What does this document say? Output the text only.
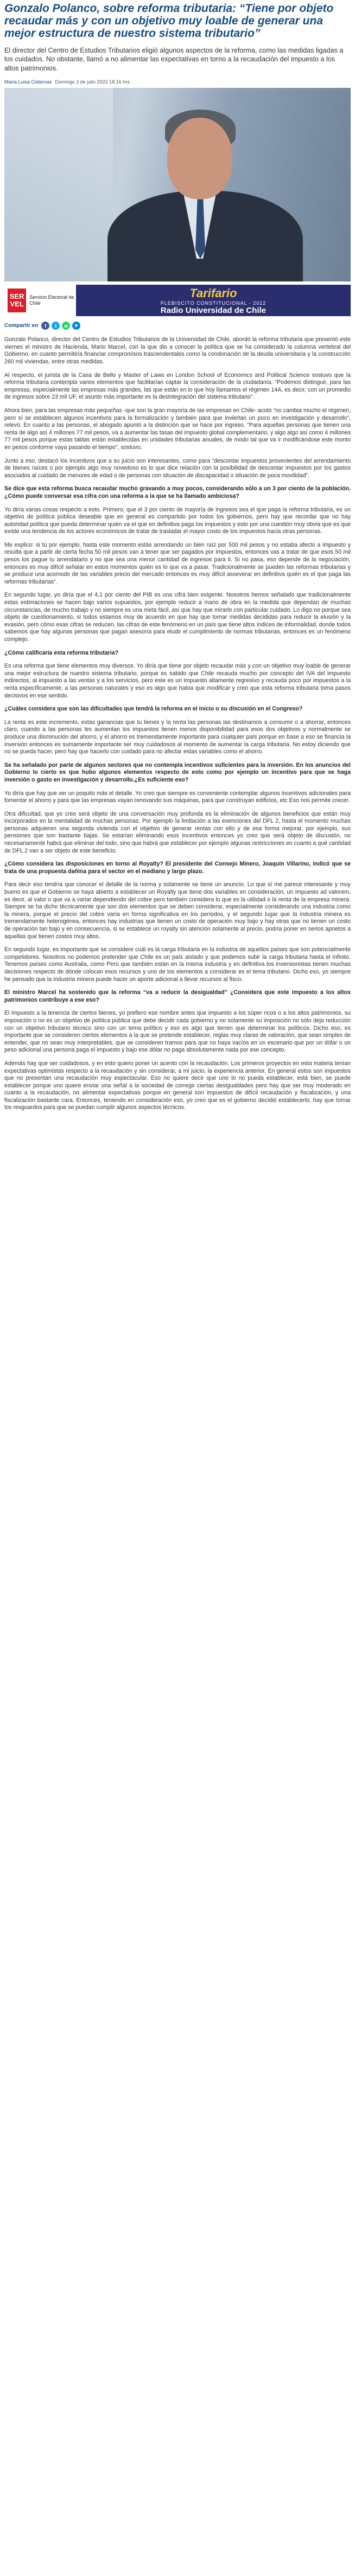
Gonzalo Polanco, sobre reforma tributaria: “Tiene por objeto recaudar más y con un objetivo muy loable de generar una mejor estructura de nuestro sistema tributario”

El director del Centro de Estudios Tributarios eligió algunos aspectos de la reforma, como las medidas ligadas a los cuidados. No obstante, llamó a no alimentar las expectativas en torno a la recaudación del impuesto a los altos patrimonios.

María Luisa Cisternas Domingo 3 de julio 2022 18:16 hrs.
SER VEL
Servicio Electoral de Chile
Tarifario
PLEBISCITO CONSTITUCIONAL - 2022
Radio Universidad de Chile
Compartir en	f	t	w	➤

Gonzalo Polanco, director del Centro de Estudios Tributarios de la Universidad de Chile, abordó la reforma tributaria que presentó este viernes el ministro de Hacienda, Mario Marcel, con la que dio a conocer la política que se ha considerado la columna vertebral del Gobierno, en cuanto permitiría financiar compromisos trascendentales como la condonación de la deuda universitaria y la construcción 260 mil viviendas, entre otras medidas.

Al respecto, el jurista de la Casa de Bello y Master of Laws en London School of Economics and Political Science sostuvo que la reforma tributaria contempla varios elementos que facilitarían captar la consideración de la ciudadanía. “Podemos distinguir, para las empresas, especialmente las empresas más grandes, las que están en lo que hoy llamamos el régimen 14A, es decir, con un promedio de ingresos sobre 23 mil UF, el asunto más importante es la desintegración del sistema tributario”.

Ahora bien, para las empresas más pequeñas -que son la gran mayoría de las empresas en Chile- acotó “no cambia mucho el régimen, pero sí se establecen algunos incentivos para la formalización y también para que inviertan un poco en investigación y desarrollo”, relevó. En cuanto a las personas, el abogado apuntó a la distinción que se hace por ingreso. “Para aquellas personas que tienen una renta de algo así 4 millones 77 mil pesos, va a aumentar las tasas del impuesto global complementario, y algo algo así como 4 millones 77 mil pesos porque estas tablas están establecidas en unidades tributarias anuales, de modo tal que va ir modificándose este monto en pesos conforme vaya pasando el tiempo”, sostuvo.

Junto a eso, destacó los incentivos que a su juicio son interesantes, como para “descontar impuestos provenientes del arrendamiento de bienes raíces o por ejemplo algo muy novedoso es lo que dice relación con la posibilidad de descontar impuestos por los gastos asociados al cuidado de menores de edad o de personas con situación de discapacidad o situación de poca movilidad”.

Se dice que esta reforma busca recaudar mucho gravando a muy pocos, considerando sólo a un 3 por ciento de la población.¿Cómo puede conversar esa cifra con una reforma a la que se ha llamado ambiciosa?

Yo diría varias cosas respecto a esto. Primero, que el 3 por ciento de mayoría de ingresos sea el que paga la reforma tributaria, es un objetivo de política pública deseable que en general es compartido por todos los gobiernos, pero hay que recordar que no hay autoridad política que pueda determinar quién va el que en definitiva paga los impuestos y esto por una cuestión muy obvia que es que existe una tendencia de los actores económicos de tratar de trasladar el mayor costo de los impuestos hacia otras personas.

Me explico: si tú por ejemplo, hasta este momento estás arrendando un bien raíz por 500 mil pesos y no estaba afecto a impuesto y resulta que a partir de cierta fecha 50 mil pesos van a tener que ser pagados por impuestos, entonces vas a tratar de que esos 50 mil pesos los pague tu arrendatario y no que sea una menor cantidad de ingresos para ti. Si no pasa, eso depende de la negociación, entonces es muy difícil señalar en estos momentos quién es lo que va a pasar. Tradicionalmente se pueden las reformas tributarias y se produce una acomodo de las variables precio del mercado entonces es muy difícil asseverar en definitiva quién es el que paga las reformas tributarias”.

En segundo lugar, yo diría que el 4,1 por ciento del PIB es una cifra bien exigente. Nosotros hemos señalado que tradicionalmente estas estimaciones se hacen bajo varios supuestos, por ejemplo reducir a mano de obra en la medida que dependan de muchas circunstancias, de mucho trabajo y no siempre es una meta fácil, así que hay que mirarlo con particular cuidado. Lo digo no porque sea objeto de cuestionamiento, si todos estamos muy de acuerdo en que hay que tomar medidas decididas para reducir la elusión y la evasión, pero cómo esas cifras se reducen, las cifras de este fenómeno en un país que tiene altos índices de informalidad, donde todos sabemos que hay algunas personas que pagan asesoría para eludir el cumplimiento de normas tributarias, entonces es un fenómeno complejo.

¿Cómo calificaría esta reforma tributaria?

Es una reforma que tiene elementos muy diversos. Yo diría que tiene por objeto recaudar más y con un objetivo muy loable de generar una mejor estructura de nuestro sistema tributario, porque es sabido que Chile recauda mucho por concepto del IVA del impuesto indirectos, al impuesto a las ventas y a los servicios, pero este es un impuesto altamente regresivo y recauda poco por impuestos a la renta específicamente, a las personas naturales y eso es algo que había que modificar y creo que esta reforma tributaria toma pasos decisivos en ese sentido.

¿Cuáles considera que son las dificultades que tendrá la reforma en el inicio o su discusión en el Congreso?

La renta es este incremento, estas ganancias que tu tienes y la renta las personas las destinamos a consumir o a ahorrar, entonces claro, cuando a las personas les aumentan los impuestos tienen menos disponibilidad para esos dos objetivos y normalmente se produce una disminución del ahorro, y el ahorro es tremendamente importante para cualquier país porque en base a eso se financia la inversión entonces es sumamente importante ser muy cuidadosos al momento de aumentar la carga tributaria. No estoy diciendo que no se pueda hacer, pero hay que hacerlo con cuidado para no afectar estas variables como el ahorro.

Se ha señalado por parte de algunos sectores que no contempla incentivos suficientes para la inversión. En los anuncios del Gobierno lo cierto es que hubo algunos elementos respecto de esto como por ejemplo un incentivo para que se haga inversión o gasto en investigación y desarrollo.¿Es suficiente eso?

Yo diría que hay que ver un poquito más el detalle. Yo creo que siempre es conveniente contemplar algunos incentivos adicionales para fomentar el ahorro y para que las empresas vayan renovando sus máquinas, para que construyan edificios, etc Eso nos permite crecer.

Otra dificultad, que yo creo será objeto de una conversación muy profunda es la eliminación de algunos beneficios que están muy incorporados en la mentalidad de muchas personas. Por ejemplo la limitación a las exenciones del DFL 2, hasta el momento muchas personas adquieren una segunda vivienda con el objetivo de generar rentas con ello y de esa forma mejorar, por ejemplo, sus pensiones que son bastante bajas. Se estarían eliminando esos incentivos entonces yo creo que será objeto de discusión, no necesariamente habrá que eliminar del todo, sino que habrá que establecer por ejemplo algunas restricciones en cuanto a qué cantidad de DFL 2 van a ser objeto de este beneficio.

¿Cómo considera las disposiciones en torno al Royalty? El presidente del Consejo Minero, Joaquín Villarino, indicó que se trata de una propuesta dañina para el sector en el mediano y largo plazo.

Para decir eso tendría que conocer el detalle de la norma y solamente se tiene un anuncio. Lo que sí me parece interesante y muy bueno es que el Gobierno se haya abierto a establecer un Royalty que tiene dos variables en consideración, un impuesto ad valorem, es decir, al valor o que va a variar dependiendo del cobre pero también considera lo que es la utilidad o la renta de la empresa minera. Siempre se ha dicho técnicamente que son dos elementos que se deben considerar, especialmente considerando una industria como la minera, porque el precio del cobre varía en forma significativa en los períodos, y el segundo lugar que la industria minera es tremendamente heterogénea, entonces hay industrias que tienen un costo de operación muy bajo y hay otras que no tienen un costo de operación tan bajo y en consecuencia, si se establece un royalty sin atención solamente al precio, podría poner en serios aprietos a aquellas que tienen costos muy altos.

En segundo lugar, es importante que se considere cuál es la carga tributaria en la industria de aquellos países que son potencialmente competidores. Nosotros no podemos pretender que Chile es un país aislado y que podemos subir la carga tributaria hasta el infinito. Tenemos países como Australia, como Perú que también están en la misma industria y en definitiva los inversionistas tienen muchas decisiones respecto de dónde colocan esos recursos y uno de los elementos a considerar es el tema tributario. Dicho eso, yo siempre he pensado que la industria minera puede hacer un aporte adicional a llevar recursos al fisco.

El ministro Marcel ha sostenido que la reforma “va a reducir la desigualdad” ¿Considera que este impuesto a los altos patrimonios contribuye a ese eso?

El impuesto a la tenencia de ciertos bienes, yo prefiero ese nombre antes que impuesto a los súper ricos o a los altos patrimonios, su imposición o no es un objetivo de política pública que debe decidir cada gobierno y no solamente su imposición no sólo deja reducción con un objetivo tributario técnico sino con un tema político y eso es algo que tienen que determinar los políticos. Dicho eso, es importante que se consideren ciertos elementos a la que se pretende establecer, reglas muy claras de valoración, que sean simples de entender, que no sean muy interpretables, que se consideren tramos para que no haya vacíos en un escenario que por un dólar o un peso adicional una persona paga el impuesto y bajo ese dólar no paga absolutamente nada por ese concepto.

Además hay que ser cuidadosos, y en esto quiero poner un acento con la recaudación. Los primeros proyectos en esta materia tenían expectativas optimistas respecto a la recaudación y sin considerar, a mi juicio, la experiencia anterior. En general estos son impuestos que no presentan una recaudación muy espectacular. Eso no quiere decir que uno lo no pueda establecer, está bien, se puede establecer porque uno quiere enviar una señal a la sociedad de corregir ciertas desigualdades pero hay que ser muy moderado en cuanto a la recaudación, no alimentar expectativas porque en general son impuestos de difícil recaudación y fiscalización, y una fiscalización bastante cara. Entonces, teniendo en consideración eso, yo creo que es el gobierno decidió establecerlo, hay que tomar los resguardos para que se puedan cumplir algunos aspectos técnicos.
